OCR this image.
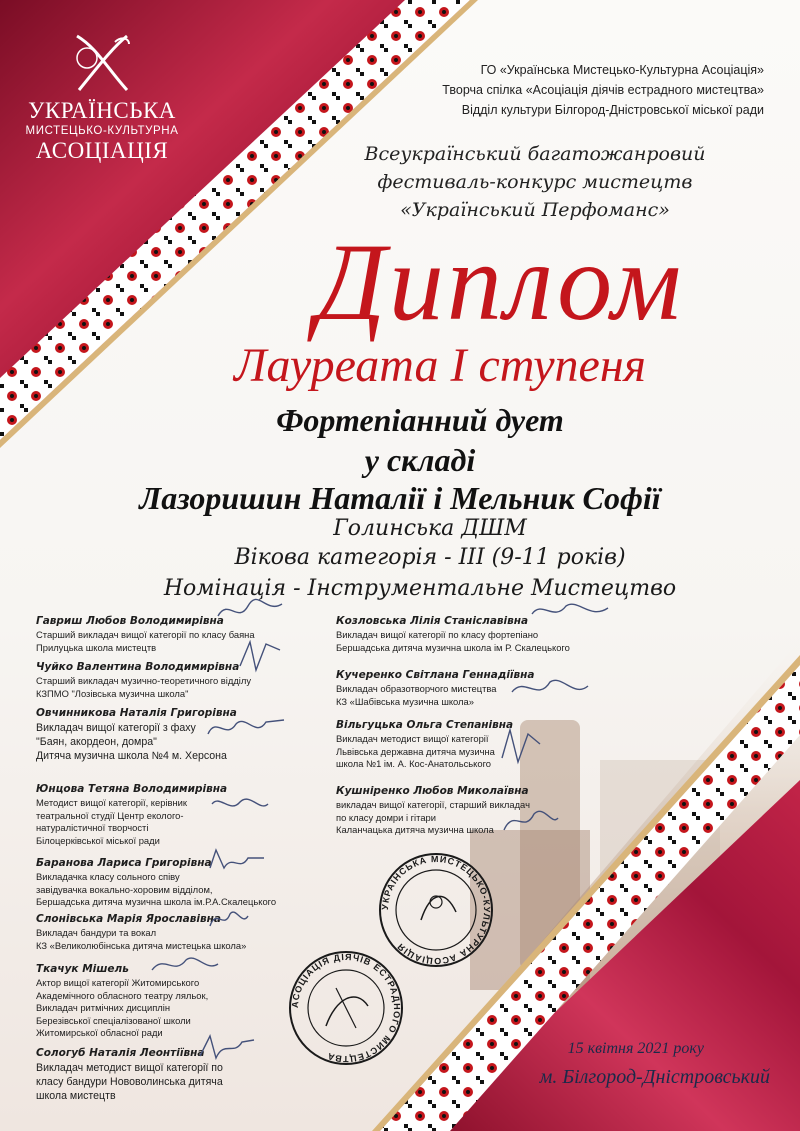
УКРАЇНСЬКА
МИСТЕЦЬКО-КУЛЬТУРНА
АСОЦІАЦІЯ
ГО «Українська Мистецько-Культурна Асоціація»
Творча спілка «Асоціація діячів естрадного мистецтва»
Відділ культури Білгород-Дністровської міської ради
Всеукраїнський багатожанровий
фестиваль-конкурс мистецтв
«Український Перфоманс»
Диплом
Лауреата І ступеня
Фортепіанний дует
у складі
Лазоришин Наталії і Мельник Софії
Голинська ДШМ
Вікова категорія - III (9-11 років)
Номінація - Інструментальне Мистецтво
Гавриш Любов Володимирівна
Старший викладач вищої категорії по класу баяна
Прилуцька школа мистецтв
Чуйко Валентина Володимирівна
Старший викладач музично-теоретичного відділу
КЗПМО "Лозівська музична школа"
Овчинникова Наталія Григорівна
Викладач вищої категорії з фаху
"Баян, акордеон, домра"
Дитяча музична школа №4 м. Херсона
Юнцова Тетяна Володимирівна
Методист вищої категорії, керівник
театральної студії Центр еколого-
натуралістичної творчості
Білоцерківської міської ради
Баранова Лариса Григорівна
Викладачка класу сольного співу
завідувачка вокально-хоровим відділом,
Бершадська дитяча музична школа ім.Р.А.Скалецького
Слонівська Марія Ярославівна
Викладач бандури та вокал
КЗ «Великолюбінська дитяча мистецька школа»
Ткачук Мішель
Актор вищої категорії Житомирського
Академічного обласного театру ляльок,
Викладач ритмічних дисциплін
Березівської спеціалізованої школи
Житомирської обласної ради
Сологуб Наталія Леонтіївна
Викладач методист вищої категорії по
класу бандури Нововолинська дитяча
школа мистецтв
Козловська Лілія Станіславівна
Викладач вищої категорії по класу фортепіано
Бершадська дитяча музична школа ім Р. Скалецького
Кучеренко Світлана Геннадіївна
Викладач образотворчого мистецтва
КЗ «Шабівська музична школа»
Вільгуцька Ольга Степанівна
Викладач методист вищої категорії
Львівська державна дитяча музична
школа №1 ім. А. Кос-Анатольського
Кушніренко Любов Миколаївна
викладач вищої категорії, старший викладач
по класу домри і гітари
Каланчацька дитяча музична школа
УКРАЇНСЬКА МИСТЕЦЬКО-КУЛЬТУРНА АСОЦІАЦІЯ
АСОЦІАЦІЯ ДІЯЧІВ ЕСТРАДНОГО МИСТЕЦТВА	15 квітня 2021 року
м. Білгород-Дністровський
